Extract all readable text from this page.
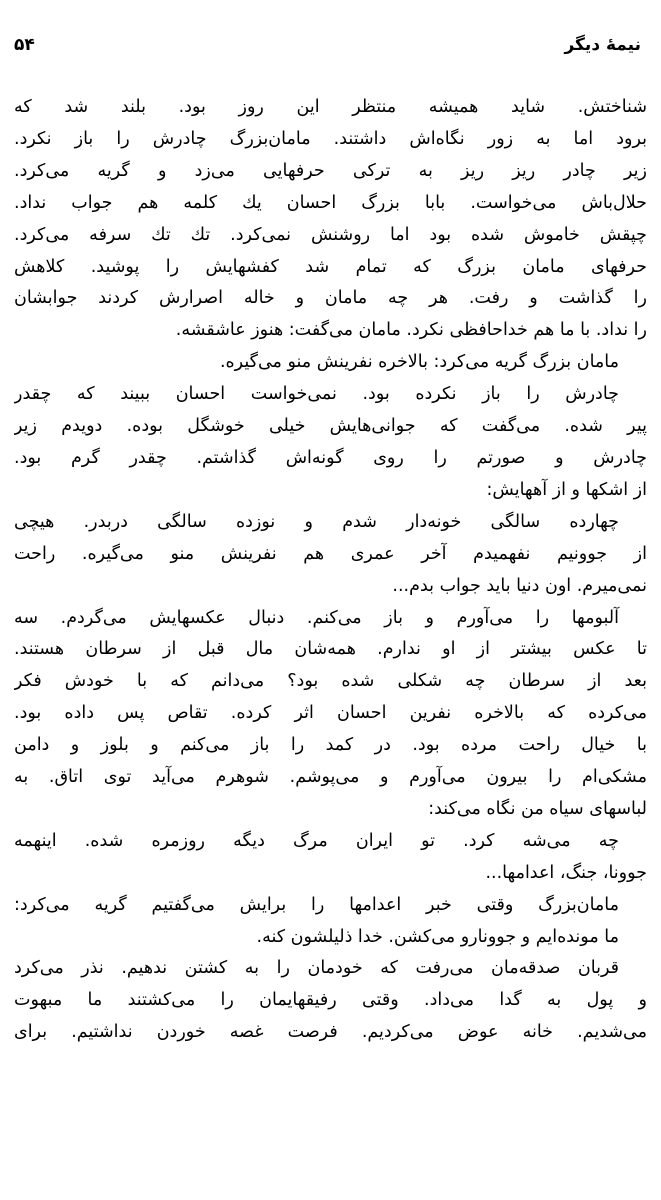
۵۴	نیمهٔ دیگر
شناختش. شاید همیشه منتظر این روز بود. بلند شد که
برود اما به زور نگاه‌اش داشتند. مامان‌بزرگ چادرش را باز نکرد.
زیر چادر ریز ریز به ترکی حرفهایی می‌زد و گریه می‌کرد.
حلال‌باش می‌خواست. بابا بزرگ احسان یك کلمه هم جواب نداد.
چپقش خاموش شده بود اما روشنش نمی‌کرد. تك تك سرفه می‌کرد.
حرفهای مامان بزرگ که تمام شد کفشهایش را پوشید. کلاهش
را گذاشت و رفت. هر چه مامان و خاله اصرارش کردند جوابشان
را نداد. با ما هم خداحافظی نکرد. مامان می‌گفت: هنوز عاشقشه.
مامان بزرگ گریه می‌کرد: بالاخره نفرینش منو می‌گیره.
چادرش را باز نکرده بود. نمی‌خواست احسان ببیند که چقدر
پیر شده. می‌گفت که جوانی‌هایش خیلی خوشگل بوده. دویدم زیر
چادرش و صورتم را روی گونه‌اش گذاشتم. چقدر گرم بود.
از اشکها و از آههایش:
چهارده سالگی خونه‌دار شدم و نوزده سالگی دربدر. هیچی
از جوونیم نفهمیدم آخر عمری هم نفرینش منو می‌گیره. راحت
نمی‌میرم. اون دنیا باید جواب بدم...
آلبومها را می‌آورم و باز می‌کنم. دنبال عکسهایش می‌گردم. سه
تا عکس بیشتر از او ندارم. همه‌شان مال قبل از سرطان هستند.
بعد از سرطان چه شکلی شده بود؟ می‌دانم که با خودش فکر
می‌کرده که بالاخره نفرین احسان اثر کرده. تقاص پس داده بود.
با خیال راحت مرده بود. در کمد را باز می‌کنم و بلوز و دامن
مشکی‌ام را بیرون می‌آورم و می‌پوشم. شوهرم می‌آید توی اتاق. به
لباسهای سیاه من نگاه می‌کند:
چه می‌شه کرد. تو ایران مرگ دیگه روزمره شده. اینهمه
جوونا، جنگ، اعدامها...
مامان‌بزرگ وقتی خبر اعدامها را برایش می‌گفتیم گریه می‌کرد:
ما مونده‌ایم و جوونارو می‌کشن. خدا ذلیلشون کنه.
قربان صدقه‌مان می‌رفت که خودمان را به کشتن ندهیم. نذر می‌کرد
و پول به گدا می‌داد. وقتی رفیقهایمان را می‌کشتند ما مبهوت
می‌شدیم. خانه عوض می‌کردیم. فرصت غصه خوردن نداشتیم. برای
